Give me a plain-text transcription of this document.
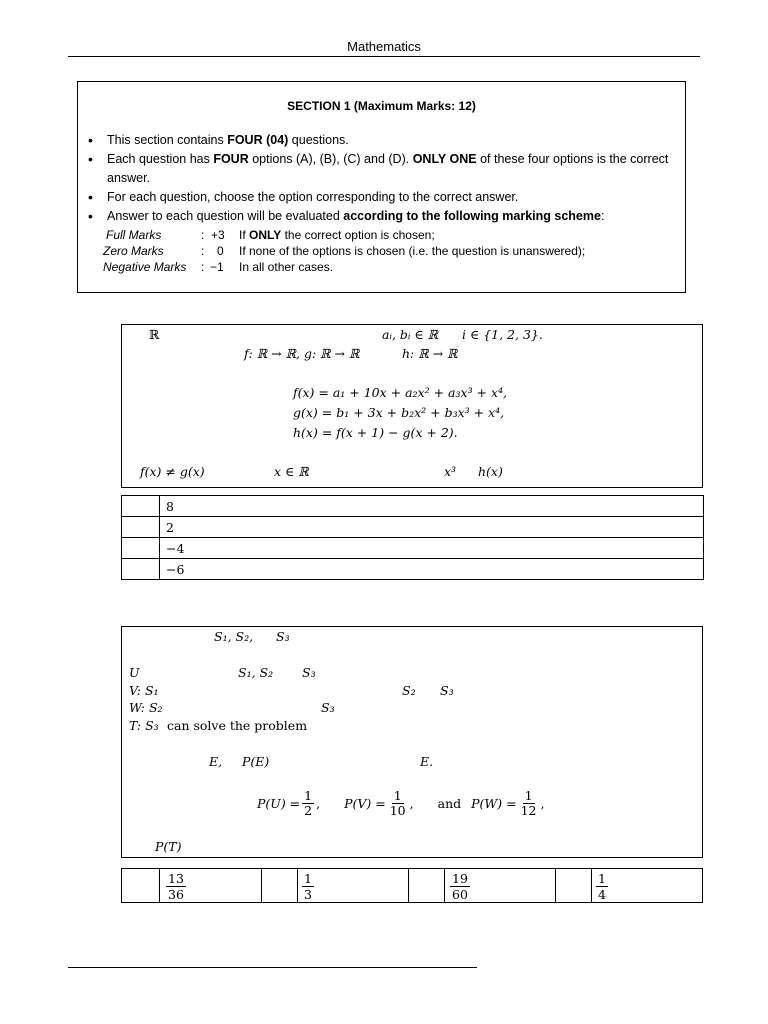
Mathematics
SECTION 1 (Maximum Marks: 12)
• This section contains FOUR (04) questions.
• Each question has FOUR options (A), (B), (C) and (D). ONLY ONE of these four options is the correct answer.
• For each question, choose the option corresponding to the correct answer.
• Answer to each question will be evaluated according to the following marking scheme:
Full Marks	: +3 If ONLY the correct option is chosen;
Zero Marks	: 0 If none of the options is chosen (i.e. the question is unanswered);
Negative Marks : −1 In all other cases.
ℝ	aᵢ, bᵢ ∈ ℝ i ∈ {1, 2, 3}.
f: ℝ → ℝ, g: ℝ → ℝ	h: ℝ → ℝ
f(x) = a₁ + 10x + a₂x² + a₃x³ + x⁴,
g(x) = b₁ + 3x + b₂x² + b₃x³ + x⁴,
h(x) = f(x + 1) − g(x + 2).
f(x) ≠ g(x)	x ∈ ℝ	x³ h(x)
	8
	2
	−4
	−6
S₁, S₂, S₃
U	S₁, S₂ S₃
V: S₁	S₂ S₃
W: S₂	S₃
T: S₃ can solve the problem
E, P(E)	E.
$P(U) = \frac{1}{2}$ , $P(V) = \frac{1}{10}$ , and $P(W) = \frac{1}{12}$ ,
P(T)
$\frac{13}{36}$	$\frac{1}{3}$	$\frac{19}{60}$	$\frac{1}{4}$
